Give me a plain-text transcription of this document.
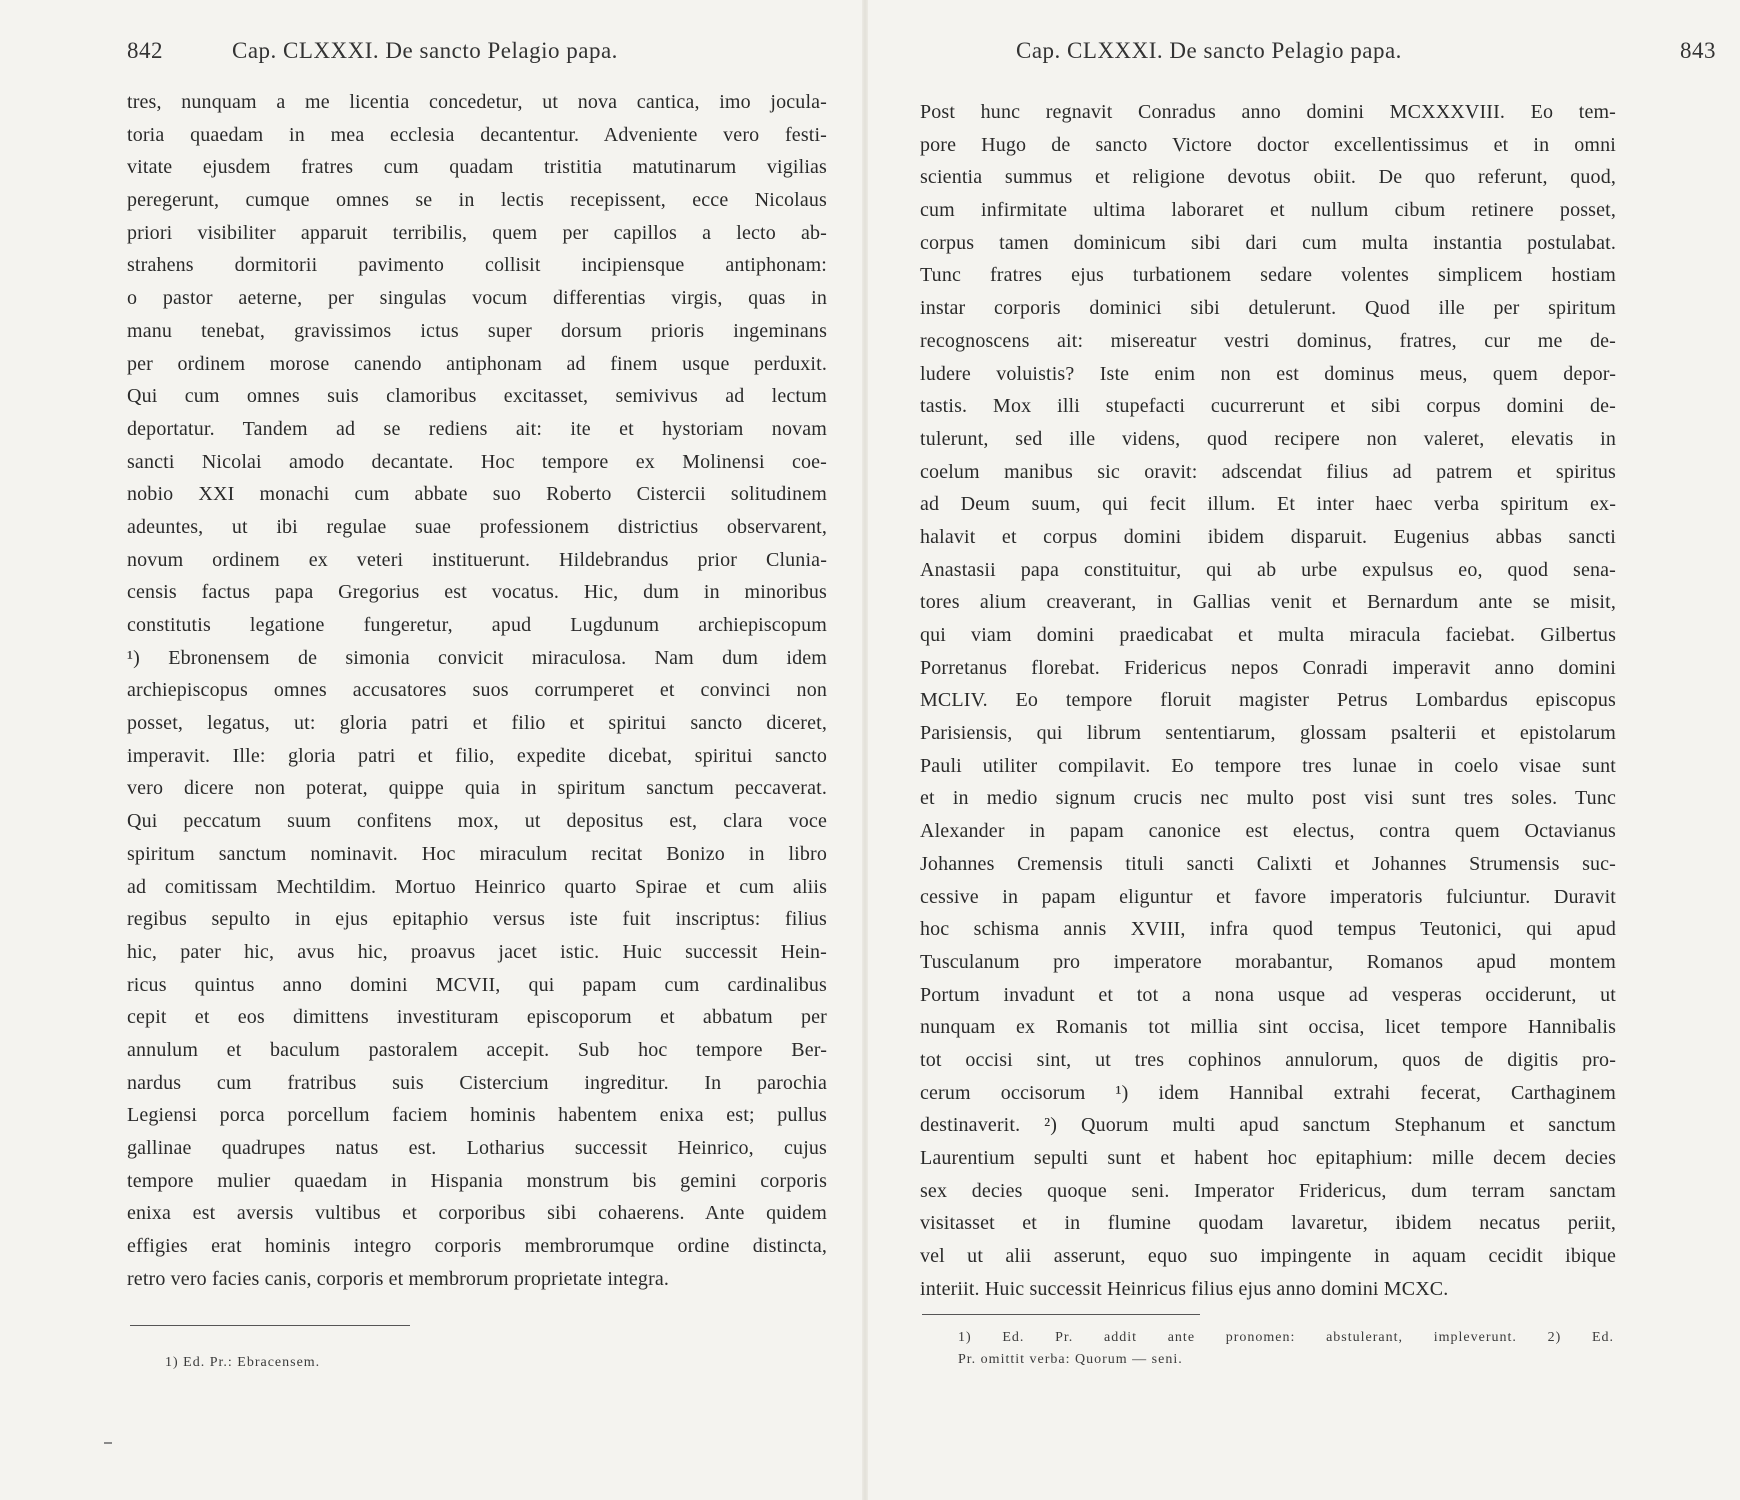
842	Cap. CLXXXI. De sancto Pelagio papa.
tres, nunquam a me licentia concedetur, ut nova cantica, imo jocula-
toria quaedam in mea ecclesia decantentur. Adveniente vero festi-
vitate ejusdem fratres cum quadam tristitia matutinarum vigilias
peregerunt, cumque omnes se in lectis recepissent, ecce Nicolaus
priori visibiliter apparuit terribilis, quem per capillos a lecto ab-
strahens dormitorii pavimento collisit incipiensque antiphonam:
o pastor aeterne, per singulas vocum differentias virgis, quas in
manu tenebat, gravissimos ictus super dorsum prioris ingeminans
per ordinem morose canendo antiphonam ad finem usque perduxit.
Qui cum omnes suis clamoribus excitasset, semivivus ad lectum
deportatur. Tandem ad se rediens ait: ite et hystoriam novam
sancti Nicolai amodo decantate. Hoc tempore ex Molinensi coe-
nobio XXI monachi cum abbate suo Roberto Cistercii solitudinem
adeuntes, ut ibi regulae suae professionem districtius observarent,
novum ordinem ex veteri instituerunt. Hildebrandus prior Clunia-
censis factus papa Gregorius est vocatus. Hic, dum in minoribus
constitutis legatione fungeretur, apud Lugdunum archiepiscopum
¹) Ebronensem de simonia convicit miraculosa. Nam dum idem
archiepiscopus omnes accusatores suos corrumperet et convinci non
posset, legatus, ut: gloria patri et filio et spiritui sancto diceret,
imperavit. Ille: gloria patri et filio, expedite dicebat, spiritui sancto
vero dicere non poterat, quippe quia in spiritum sanctum peccaverat.
Qui peccatum suum confitens mox, ut depositus est, clara voce
spiritum sanctum nominavit. Hoc miraculum recitat Bonizo in libro
ad comitissam Mechtildim. Mortuo Heinrico quarto Spirae et cum aliis
regibus sepulto in ejus epitaphio versus iste fuit inscriptus: filius
hic, pater hic, avus hic, proavus jacet istic. Huic successit Hein-
ricus quintus anno domini MCVII, qui papam cum cardinalibus
cepit et eos dimittens investituram episcoporum et abbatum per
annulum et baculum pastoralem accepit. Sub hoc tempore Ber-
nardus cum fratribus suis Cistercium ingreditur. In parochia
Legiensi porca porcellum faciem hominis habentem enixa est; pullus
gallinae quadrupes natus est. Lotharius successit Heinrico, cujus
tempore mulier quaedam in Hispania monstrum bis gemini corporis
enixa est aversis vultibus et corporibus sibi cohaerens. Ante quidem
effigies erat hominis integro corporis membrorumque ordine distincta,
retro vero facies canis, corporis et membrorum proprietate integra.
1) Ed. Pr.: Ebracensem.
Cap. CLXXXI. De sancto Pelagio papa.	843
Post hunc regnavit Conradus anno domini MCXXXVIII. Eo tem-
pore Hugo de sancto Victore doctor excellentissimus et in omni
scientia summus et religione devotus obiit. De quo referunt, quod,
cum infirmitate ultima laboraret et nullum cibum retinere posset,
corpus tamen dominicum sibi dari cum multa instantia postulabat.
Tunc fratres ejus turbationem sedare volentes simplicem hostiam
instar corporis dominici sibi detulerunt. Quod ille per spiritum
recognoscens ait: misereatur vestri dominus, fratres, cur me de-
ludere voluistis? Iste enim non est dominus meus, quem depor-
tastis. Mox illi stupefacti cucurrerunt et sibi corpus domini de-
tulerunt, sed ille videns, quod recipere non valeret, elevatis in
coelum manibus sic oravit: adscendat filius ad patrem et spiritus
ad Deum suum, qui fecit illum. Et inter haec verba spiritum ex-
halavit et corpus domini ibidem disparuit. Eugenius abbas sancti
Anastasii papa constituitur, qui ab urbe expulsus eo, quod sena-
tores alium creaverant, in Gallias venit et Bernardum ante se misit,
qui viam domini praedicabat et multa miracula faciebat. Gilbertus
Porretanus florebat. Fridericus nepos Conradi imperavit anno domini
MCLIV. Eo tempore floruit magister Petrus Lombardus episcopus
Parisiensis, qui librum sententiarum, glossam psalterii et epistolarum
Pauli utiliter compilavit. Eo tempore tres lunae in coelo visae sunt
et in medio signum crucis nec multo post visi sunt tres soles. Tunc
Alexander in papam canonice est electus, contra quem Octavianus
Johannes Cremensis tituli sancti Calixti et Johannes Strumensis suc-
cessive in papam eliguntur et favore imperatoris fulciuntur. Duravit
hoc schisma annis XVIII, infra quod tempus Teutonici, qui apud
Tusculanum pro imperatore morabantur, Romanos apud montem
Portum invadunt et tot a nona usque ad vesperas occiderunt, ut
nunquam ex Romanis tot millia sint occisa, licet tempore Hannibalis
tot occisi sint, ut tres cophinos annulorum, quos de digitis pro-
cerum occisorum ¹) idem Hannibal extrahi fecerat, Carthaginem
destinaverit. ²) Quorum multi apud sanctum Stephanum et sanctum
Laurentium sepulti sunt et habent hoc epitaphium: mille decem decies
sex decies quoque seni. Imperator Fridericus, dum terram sanctam
visitasset et in flumine quodam lavaretur, ibidem necatus periit,
vel ut alii asserunt, equo suo impingente in aquam cecidit ibique
interiit. Huic successit Heinricus filius ejus anno domini MCXC.
1) Ed. Pr. addit ante pronomen: abstulerant, impleverunt. 2) Ed.
Pr. omittit verba: Quorum — seni.
